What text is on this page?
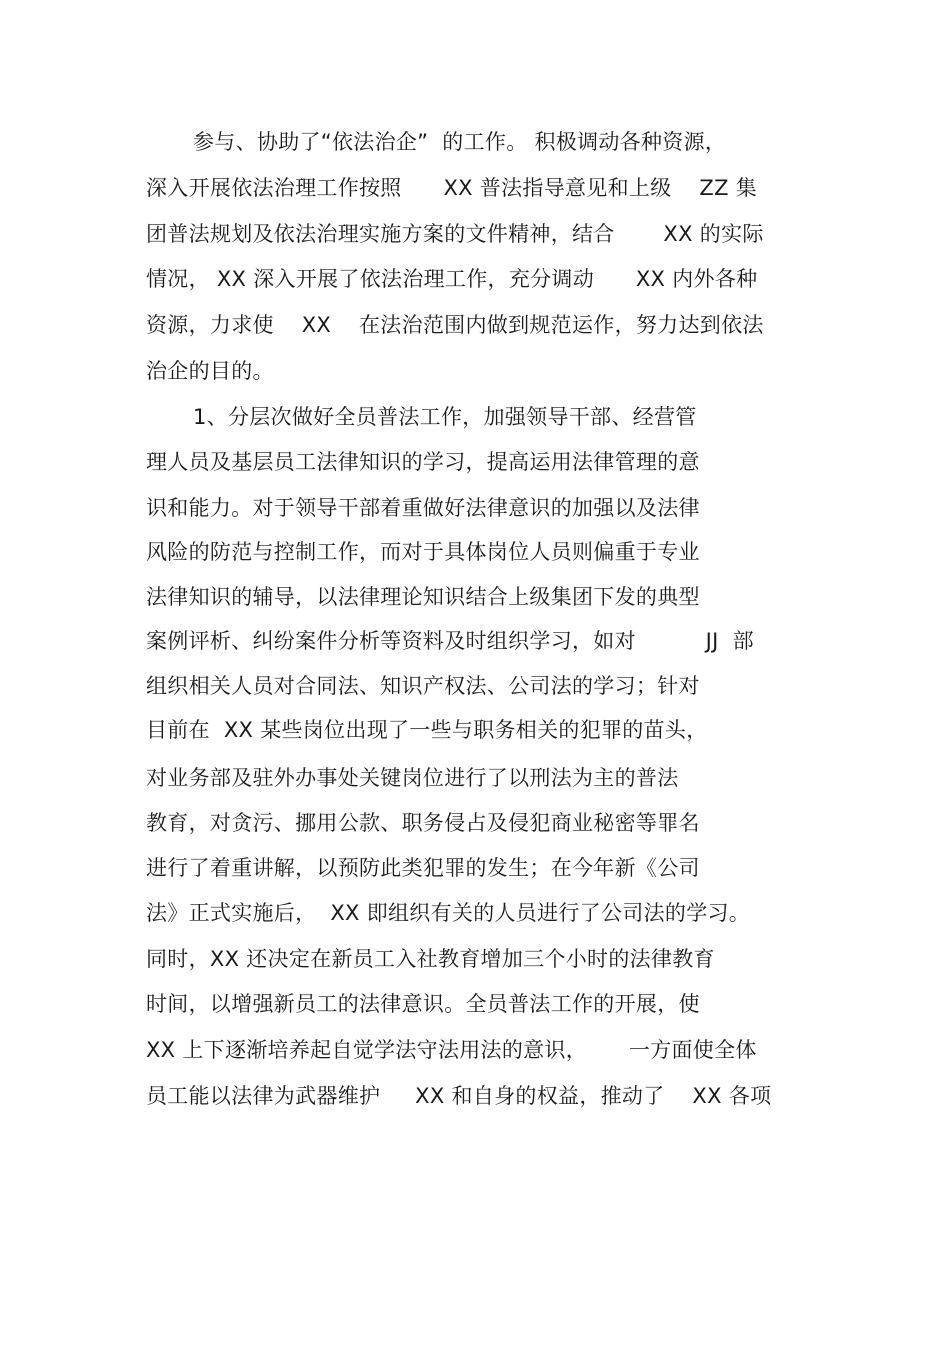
参与、协助了“依法治企”  的工作。 积极调动各种资源，
深入开展依法治理工作按照      XX 普法指导意见和上级    ZZ 集
团普法规划及依法治理实施方案的文件精神，结合       XX 的实际
情况， XX 深入开展了依法治理工作，充分调动      XX 内外各种
资源，力求使    XX    在法治范围内做到规范运作，努力达到依法
治企的目的。
1、分层次做好全员普法工作，加强领导干部、经营管
理人员及基层员工法律知识的学习，提高运用法律管理的意
识和能力。对于领导干部着重做好法律意识的加强以及法律
风险的防范与控制工作，而对于具体岗位人员则偏重于专业
法律知识的辅导，以法律理论知识结合上级集团下发的典型
案例评析、纠纷案件分析等资料及时组织学习，如对          JJ  部
组织相关人员对合同法、知识产权法、公司法的学习；针对
目前在  XX 某些岗位出现了一些与职务相关的犯罪的苗头，
对业务部及驻外办事处关键岗位进行了以刑法为主的普法
教育，对贪污、挪用公款、职务侵占及侵犯商业秘密等罪名
进行了着重讲解，以预防此类犯罪的发生；在今年新《公司
法》正式实施后，  XX 即组织有关的人员进行了公司法的学习。
同时，XX 还决定在新员工入社教育增加三个小时的法律教育
时间，以增强新员工的法律意识。全员普法工作的开展，使
XX 上下逐渐培养起自觉学法守法用法的意识，      一方面使全体
员工能以法律为武器维护     XX 和自身的权益，推动了    XX 各项
